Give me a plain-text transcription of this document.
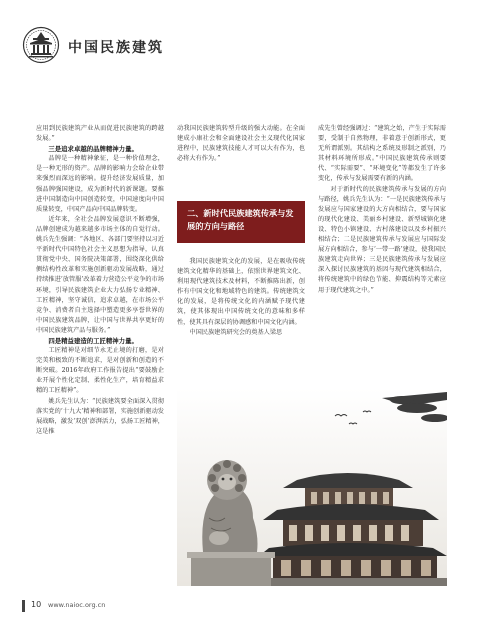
中国民族建筑

应用到民族建筑产业从而促进民族建筑的跨越发展。”

三是追求卓越的品牌精神力量。

品牌是一种精神象征，是一种价值理念，是一种无形的资产。品牌的影响力会给企业带来强烈而深远的影响。提升经济发展质量，加强品牌强国建设，成为新时代的新课题。要推进中国制造向中国创造转变，中国速度向中国质量转变，中国产品向中国品牌转变。

近年来，全社会品牌发展意识不断增强，品牌创建成为越来越多市场主体的自觉行动。姚兵先生强调：“各地区、各部门要坚持以习近平新时代中国特色社会主义思想为指导，认真贯彻党中央、国务院决策部署，围绕深化供给侧结构性改革和实施创新驱动发展战略，通过持续推进‘放管服’改革着力营造公平竞争的市场环境，引导民族建筑企业大力弘扬专业精神、工匠精神，坚守诚信，追求卓越，在市场公平竞争、消费者自主选择中塑造更多享誉世界的中国民族建筑品牌，让中国与世界共享更好的中国民族建筑产品与服务。”

四是精益建造的工匠精神力量。

工匠精神是对细节永无止境的打磨，是对完美和极致的不断追求，是对创新和创造的不断突破。2016年政府工作报告提出“要鼓励企业开展个性化定制、柔性化生产，培育精益求精的工匠精神”。

姚兵先生认为：“民族建筑要全面深入贯彻落实党的‘十九大’精神和部署，实施创新驱动发展战略，激发‘双创’澎湃活力，弘扬工匠精神，这是推

动我国民族建筑转型升级的强大动能。在全面建成小康社会和全面建设社会主义现代化国家进程中，民族建筑技能人才可以大有作为，也必将大有作为。”

二、新时代民族建筑传承与发展的方向与路径

我国民族建筑文化的发展，是在吸收传统建筑文化精华的基础上，依照世界建筑文化、利用现代建筑技术及材料，不断推陈出新，创作有中国文化和地域特色的建筑。传统建筑文化的发展，是将传统文化的内涵赋予现代建筑，使其体现出中国传统文化的意味和多样性，使其具有深层的协调感和中国文化内涵。

中国民族建筑研究会的奠基人梁思

成先生曾经强调过：“建筑之始，产生于实际需要，受制于自然物理，非着意于创新形式，更无所谓派别。其结构之系统及形制之派别，乃其材料环境所形成。”中国民族建筑传承则要代、“实际需要”、“环境变化”等都发生了许多变化，传承与发展需要有新的内涵。

对于新时代的民族建筑传承与发展的方向与路径，姚兵先生认为：“一是民族建筑传承与发展应与国家建设的大方向相结合，要与国家的现代化建设、美丽乡村建设、新型城镇化建设、特色小镇建设、古村落建设以及乡村振兴相结合；二是民族建筑传承与发展应与国际发展方向相结合，参与‘一带一路’建设，使我国民族建筑走向世界；三是民族建筑传承与发展应深入探讨民族建筑的基因与现代建筑相结合，将传统建筑中的绿色节能、抑震结构等元素应用于现代建筑之中。”

10 www.naioc.org.cn
